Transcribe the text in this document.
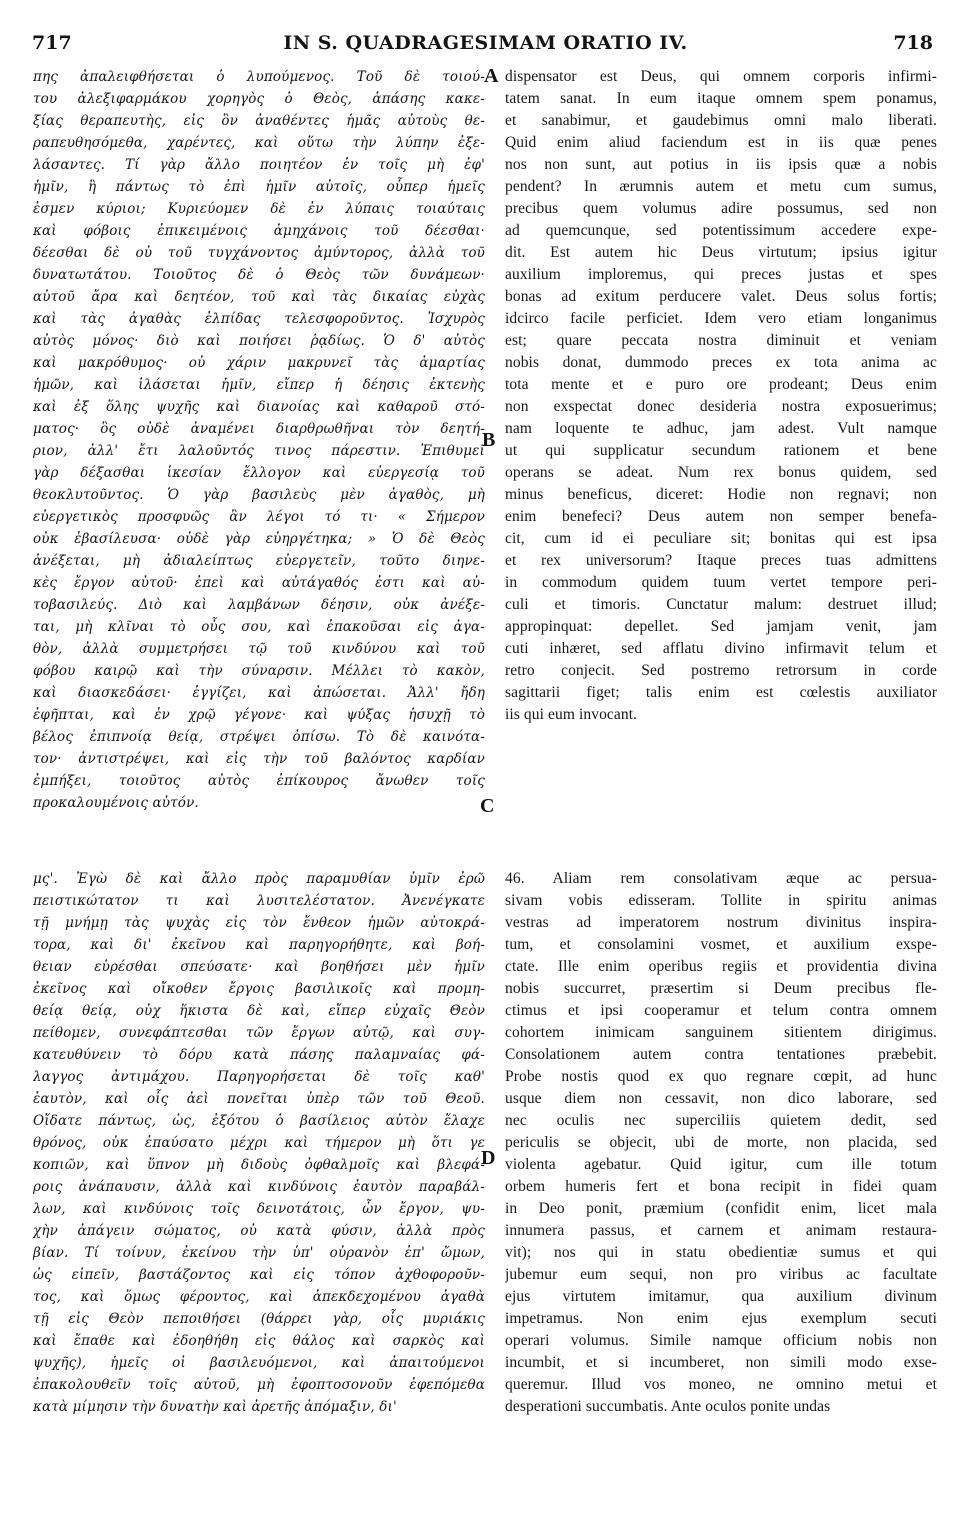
717	IN S. QUADRAGESIMAM ORATIO IV.	718
πης ἀπαλειφθήσεται ὁ λυπούμενος. Τοῦ δὲ τοιού-
του ἀλεξιφαρμάκου χορηγὸς ὁ Θεὸς, ἁπάσης κακε-
ξίας θεραπευτὴς, εἰς ὃν ἀναθέντες ἡμᾶς αὐτοὺς θε-
ραπευθησόμεθα, χαρέντες, καὶ οὕτω τὴν λύπην ἐξε-
λάσαντες. Τί γὰρ ἄλλο ποιητέον ἐν τοῖς μὴ ἐφ'
ἡμῖν, ἢ πάντως τὸ ἐπὶ ἡμῖν αὐτοῖς, οὗπερ ἡμεῖς
ἐσμεν κύριοι; Κυριεύομεν δὲ ἐν λύπαις τοιαύταις
καὶ φόβοις ἐπικειμένοις ἀμηχάνοις τοῦ δέεσθαι·
δέεσθαι δὲ οὐ τοῦ τυγχάνοντος ἀμύντορος, ἀλλὰ τοῦ
δυνατωτάτου. Τοιοῦτος δὲ ὁ Θεὸς τῶν δυνάμεων·
αὐτοῦ ἄρα καὶ δεητέον, τοῦ καὶ τὰς δικαίας εὐχὰς
καὶ τὰς ἀγαθὰς ἐλπίδας τελεσφοροῦντος. Ἰσχυρὸς
αὐτὸς μόνος· διὸ καὶ ποιήσει ῥᾳδίως. Ὁ δ' αὐτὸς
καὶ μακρόθυμος· οὐ χάριν μακρυνεῖ τὰς ἁμαρτίας
ἡμῶν, καὶ ἱλάσεται ἡμῖν, εἴπερ ἡ δέησις ἐκτενὴς
καὶ ἐξ ὅλης ψυχῆς καὶ διανοίας καὶ καθαροῦ στό-
ματος· ὃς οὐδὲ ἀναμένει διαρθρωθῆναι τὸν δεητή-
ριον, ἀλλ' ἔτι λαλοῦντός τινος πάρεστιν. Ἐπιθυμεῖ
γὰρ δέξασθαι ἱκεσίαν ἔλλογον καὶ εὐεργεσίᾳ τοῦ
θεοκλυτοῦντος. Ὁ γὰρ βασιλεὺς μὲν ἀγαθὸς, μὴ
εὐεργετικὸς προσφυῶς ἂν λέγοι τό τι· « Σήμερον
οὐκ ἐβασίλευσα· οὐδὲ γὰρ εὐηργέτηκα; » Ὁ δὲ Θεὸς
ἀνέξεται, μὴ ἀδιαλείπτως εὐεργετεῖν, τοῦτο διηνε-
κὲς ἔργον αὐτοῦ· ἐπεὶ καὶ αὐτάγαθός ἐστι καὶ αὐ-
τοβασιλεύς. Διὸ καὶ λαμβάνων δέησιν, οὐκ ἀνέξε-
ται, μὴ κλῖναι τὸ οὖς σου, καὶ ἐπακοῦσαι εἰς ἀγα-
θὸν, ἀλλὰ συμμετρήσει τῷ τοῦ κινδύνου καὶ τοῦ
φόβου καιρῷ καὶ τὴν σύναρσιν. Μέλλει τὸ κακὸν,
καὶ διασκεδάσει· ἐγγίζει, καὶ ἀπώσεται. Ἀλλ' ἤδη
ἐφῆπται, καὶ ἐν χρῷ γέγονε· καὶ ψύξας ἡσυχῇ τὸ
βέλος ἐπιπνοίᾳ θείᾳ, στρέψει ὀπίσω. Τὸ δὲ καινότα-
τον· ἀντιστρέψει, καὶ εἰς τὴν τοῦ βαλόντος καρδίαν
ἐμπήξει, τοιοῦτος αὐτὸς ἐπίκουρος ἄνωθεν τοῖς
προκαλουμένοις αὐτόν.
dispensator est Deus, qui omnem corporis infirmi-
tatem sanat. In eum itaque omnem spem ponamus,
et sanabimur, et gaudebimus omni malo liberati.
Quid enim aliud faciendum est in iis quæ penes
nos non sunt, aut potius in iis ipsis quæ a nobis
pendent? In ærumnis autem et metu cum sumus,
precibus quem volumus adire possumus, sed non
ad quemcunque, sed potentissimum accedere expe-
dit. Est autem hic Deus virtutum; ipsius igitur
auxilium imploremus, qui preces justas et spes
bonas ad exitum perducere valet. Deus solus fortis;
idcirco facile perficiet. Idem vero etiam longanimus
est; quare peccata nostra diminuit et veniam
nobis donat, dummodo preces ex tota anima ac
tota mente et e puro ore prodeant; Deus enim
non exspectat donec desideria nostra exposuerimus;
nam loquente te adhuc, jam adest. Vult namque
ut qui supplicatur secundum rationem et bene
operans se adeat. Num rex bonus quidem, sed
minus beneficus, diceret: Hodie non regnavi; non
enim benefeci? Deus autem non semper benefa-
cit, cum id ei peculiare sit; bonitas qui est ipsa
et rex universorum? Itaque preces tuas admittens
in commodum quidem tuum vertet tempore peri-
culi et timoris. Cunctatur malum: destruet illud;
appropinquat: depellet. Sed jamjam venit, jam
cuti inhæret, sed afflatu divino infirmavit telum et
retro conjecit. Sed postremo retrorsum in corde
sagittarii figet; talis enim est cœlestis auxiliator
iis qui eum invocant.
μς'. Ἐγὼ δὲ καὶ ἄλλο πρὸς παραμυθίαν ὑμῖν ἐρῶ
πειστικώτατον τι καὶ λυσιτελέστατον. Ἀνενέγκατε
τῇ μνήμῃ τὰς ψυχὰς εἰς τὸν ἔνθεον ἡμῶν αὐτοκρά-
τορα, καὶ δι' ἐκεῖνου καὶ παρηγορήθητε, καὶ βοή-
θειαν εὑρέσθαι σπεύσατε· καὶ βοηθήσει μὲν ἡμῖν
ἐκεῖνος καὶ οἴκοθεν ἔργοις βασιλικοῖς καὶ προμη-
θείᾳ θείᾳ, οὐχ ἥκιστα δὲ καὶ, εἴπερ εὐχαῖς Θεὸν
πείθομεν, συνεφάπτεσθαι τῶν ἔργων αὐτῷ, καὶ συγ-
κατευθύνειν τὸ δόρυ κατὰ πάσης παλαμναίας φά-
λαγγος ἀντιμάχου. Παρηγορήσεται δὲ τοῖς καθ'
ἑαυτὸν, καὶ οἷς ἀεὶ πονεῖται ὑπὲρ τῶν τοῦ Θεοῦ.
Οἴδατε πάντως, ὡς, ἐξότου ὁ βασίλειος αὐτὸν ἔλαχε
θρόνος, οὐκ ἐπαύσατο μέχρι καὶ τήμερον μὴ ὅτι γε
κοπιῶν, καὶ ὕπνον μὴ διδοὺς ὀφθαλμοῖς καὶ βλεφά-
ροις ἀνάπαυσιν, ἀλλὰ καὶ κινδύνοις ἑαυτὸν παραβάλ-
λων, καὶ κινδύνοις τοῖς δεινοτάτοις, ὧν ἔργον, ψυ-
χὴν ἀπάγειν σώματος, οὐ κατὰ φύσιν, ἀλλὰ πρὸς
βίαν. Τί τοίνυν, ἐκείνου τὴν ὑπ' οὐρανὸν ἐπ' ὤμων,
ὡς εἰπεῖν, βαστάζοντος καὶ εἰς τόπον ἀχθοφοροῦν-
τος, καὶ ὅμως φέροντος, καὶ ἀπεκδεχομένου ἀγαθὰ
τῇ εἰς Θεὸν πεποιθήσει (θάρρει γὰρ, οἷς μυριάκις
καὶ ἔπαθε καὶ ἐδοηθήθη εἰς θάλος καὶ σαρκὸς καὶ
ψυχῆς), ἡμεῖς οἱ βασιλευόμενοι, καὶ ἀπαιτούμενοι
ἐπακολουθεῖν τοῖς αὐτοῦ, μὴ ἐφοπτοσονοῦν ἐφεπόμεθα
κατὰ μίμησιν τὴν δυνατὴν καὶ ἀρετῆς ἀπόμαξιν, δι'
46. Aliam rem consolativam æque ac persua-
sivam vobis edisseram. Tollite in spiritu animas
vestras ad imperatorem nostrum divinitus inspira-
tum, et consolamini vosmet, et auxilium exspe-
ctate. Ille enim operibus regiis et providentia divina
nobis succurret, præsertim si Deum precibus fle-
ctimus et ipsi cooperamur et telum contra omnem
cohortem inimicam sanguinem sitientem dirigimus.
Consolationem autem contra tentationes præbebit.
Probe nostis quod ex quo regnare cœpit, ad hunc
usque diem non cessavit, non dico laborare, sed
nec oculis nec superciliis quietem dedit, sed
periculis se objecit, ubi de morte, non placida, sed
violenta agebatur. Quid igitur, cum ille totum
orbem humeris fert et bona recipit in fidei quam
in Deo ponit, præmium (confidit enim, licet mala
innumera passus, et carnem et animam restaura-
vit); nos qui in statu obedientiæ sumus et qui
jubemur eum sequi, non pro viribus ac facultate
ejus virtutem imitamur, qua auxilium divinum
impetramus. Non enim ejus exemplum secuti
operari volumus. Simile namque officium nobis non
incumbit, et si incumberet, non simili modo exse-
queremur. Illud vos moneo, ne omnino metui et
desperationi succumbatis. Ante oculos ponite undas
A
B
C
D
